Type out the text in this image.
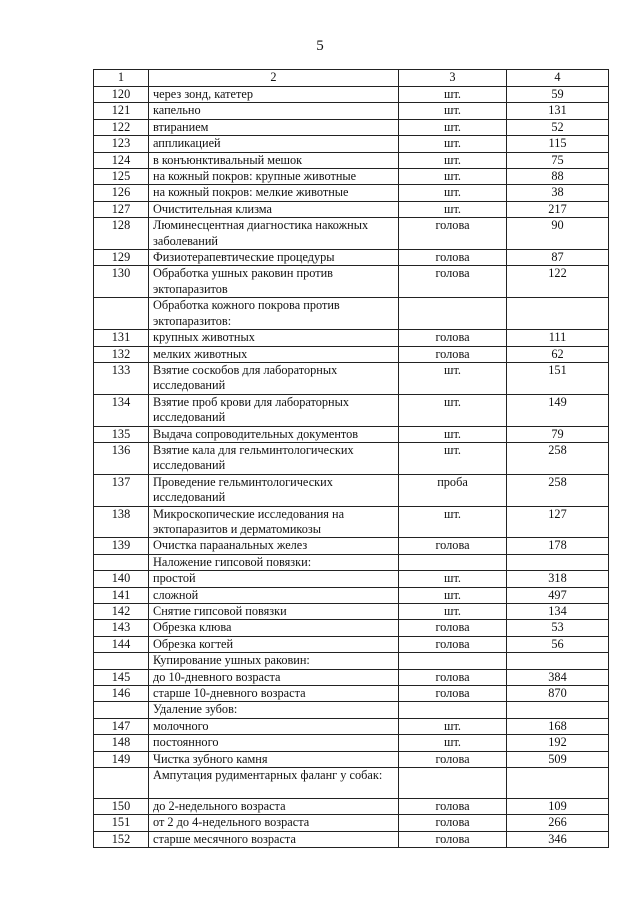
5
1	2	3	4
120	через зонд, катетер	шт.	59
121	капельно	шт.	131
122	втиранием	шт.	52
123	аппликацией	шт.	115
124	в конъюнктивальный мешок	шт.	75
125	на кожный покров: крупные животные	шт.	88
126	на кожный покров: мелкие животные	шт.	38
127	Очистительная клизма	шт.	217
128	Люминесцентная диагностика накожных заболеваний	голова	90
129	Физиотерапевтические процедуры	голова	87
130	Обработка ушных раковин против эктопаразитов	голова	122
	Обработка кожного покрова против эктопаразитов:		
131	крупных животных	голова	111
132	мелких животных	голова	62
133	Взятие соскобов для лабораторных исследований	шт.	151
134	Взятие проб крови для лабораторных исследований	шт.	149
135	Выдача сопроводительных документов	шт.	79
136	Взятие кала для гельминтологических исследований	шт.	258
137	Проведение гельминтологических исследований	проба	258
138	Микроскопические исследования на эктопаразитов и дерматомикозы	шт.	127
139	Очистка параанальных желез	голова	178
	Наложение гипсовой повязки:		
140	простой	шт.	318
141	сложной	шт.	497
142	Снятие гипсовой повязки	шт.	134
143	Обрезка клюва	голова	53
144	Обрезка когтей	голова	56
	Купирование ушных раковин:		
145	до 10-дневного возраста	голова	384
146	старше 10-дневного возраста	голова	870
	Удаление зубов:		
147	молочного	шт.	168
148	постоянного	шт.	192
149	Чистка зубного камня	голова	509
	Ампутация рудиментарных фаланг у собак:		
150	до 2-недельного возраста	голова	109
151	от 2 до 4-недельного возраста	голова	266
152	старше месячного возраста	голова	346
